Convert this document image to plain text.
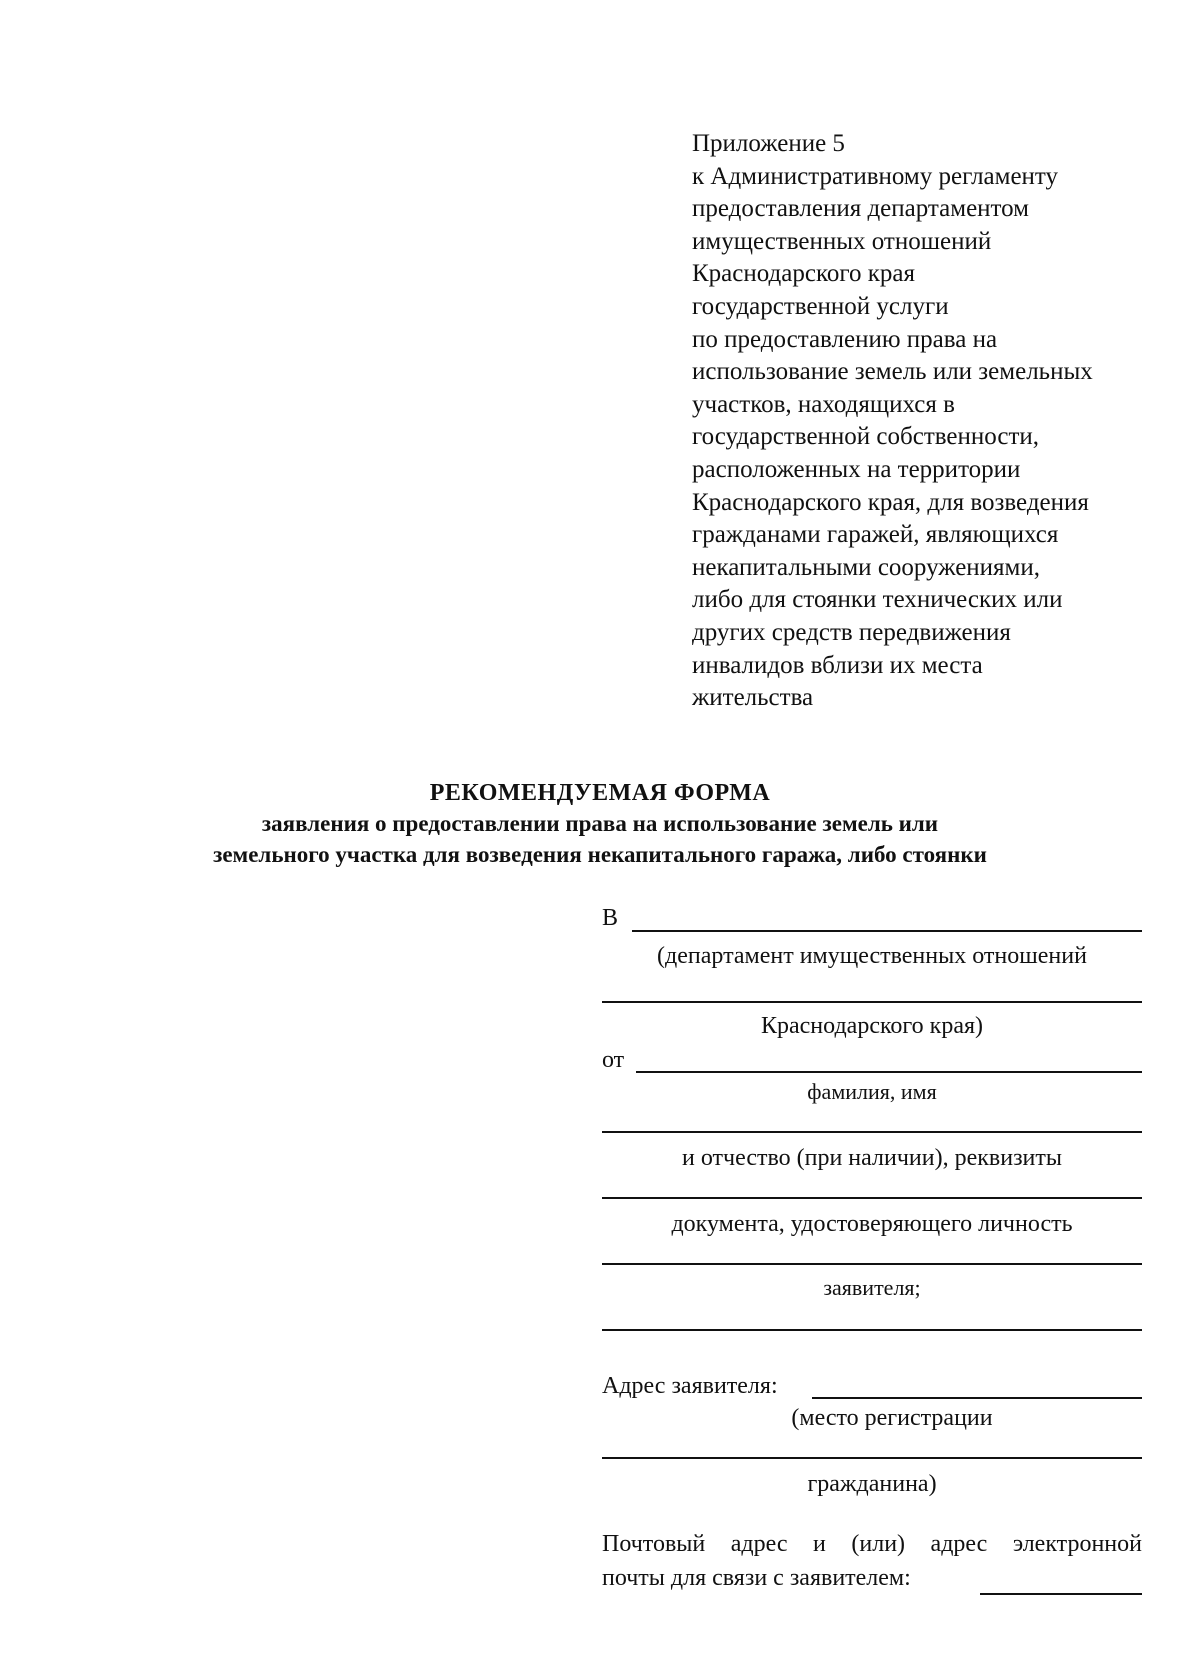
Приложение 5
к Административному регламенту
предоставления департаментом
имущественных отношений
Краснодарского края
государственной услуги
по предоставлению права на
использование земель или земельных
участков, находящихся в
государственной собственности,
расположенных на территории
Краснодарского края, для возведения
гражданами гаражей, являющихся
некапитальными сооружениями,
либо для стоянки технических или
других средств передвижения
инвалидов вблизи их места
жительства
РЕКОМЕНДУЕМАЯ ФОРМА
заявления о предоставлении права на использование земель или
земельного участка для возведения некапитального гаража, либо стоянки
В
(департамент имущественных отношений
Краснодарского края)
от
фамилия, имя
и отчество (при наличии), реквизиты
документа, удостоверяющего личность
заявителя;
Адрес заявителя:
(место регистрации
гражданина)
Почтовый адрес и (или) адрес электронной
почты для связи с заявителем:
